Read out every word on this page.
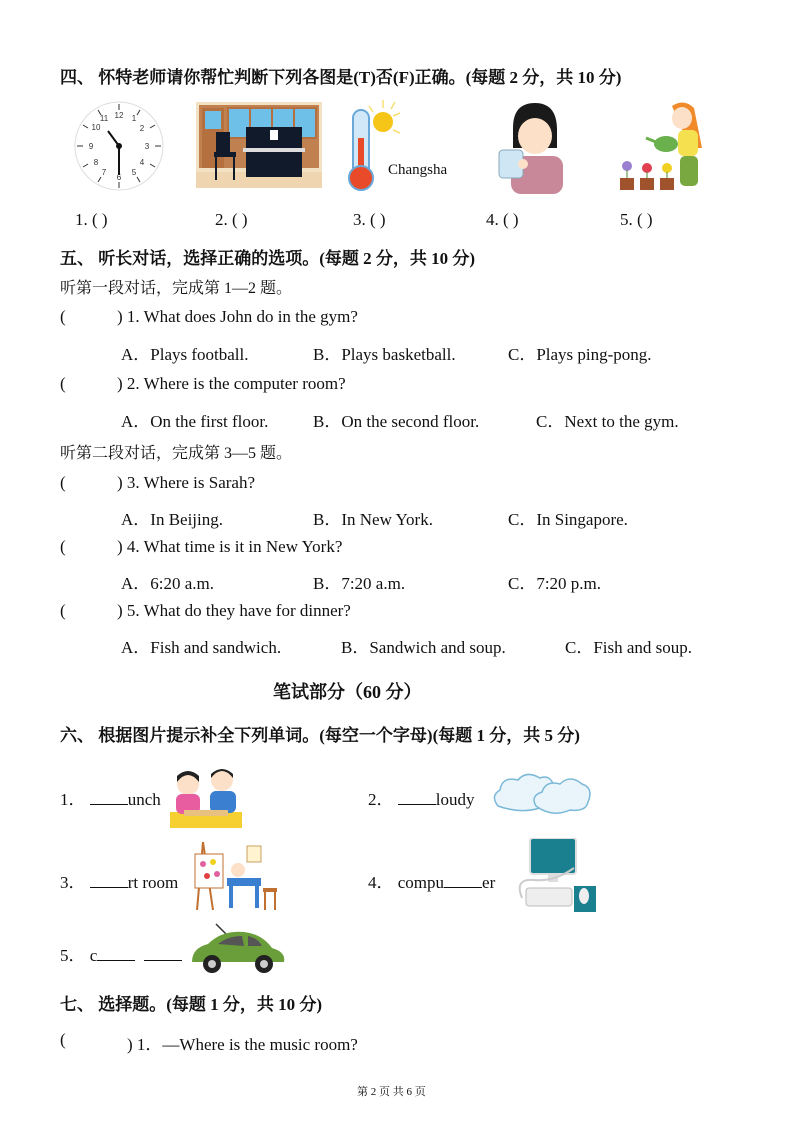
四、 怀特老师请你帮忙判断下列各图是(T)否(F)正确。(每题 2 分，共 10 分)
12
6
9	3
10
11	1
2
4
5
7
8	Changsha
1. ( )	2. ( )	3. ( )	4. ( )	5. ( )
五、 听长对话，选择正确的选项。(每题 2 分，共 10 分)
听第一段对话，完成第 1—2 题。
(	) 1. What does John do in the gym?
A．Plays football.	B．Plays basketball.	C．Plays ping-pong.
(	) 2. Where is the computer room?
A．On the first floor.	B．On the second floor.	C．Next to the gym.
听第二段对话，完成第 3—5 题。
(	) 3. Where is Sarah?
A．In Beijing.	B．In New York.	C．In Singapore.
(	) 4. What time is it in New York?
A．6:20 a.m.	B．7:20 a.m.	C．7:20 p.m.
(	) 5. What do they have for dinner?
A．Fish and sandwich.	B．Sandwich and soup.	C．Fish and soup.
笔试部分（60 分）
六、 根据图片提示补全下列单词。(每空一个字母)(每题 1 分，共 5 分)
1． unch	2． loudy
3． rt room	4． compu er
5． c
七、 选择题。(每题 1 分，共 10 分)
(	) 1．—Where is the music room?
第 2 页 共 6 页
